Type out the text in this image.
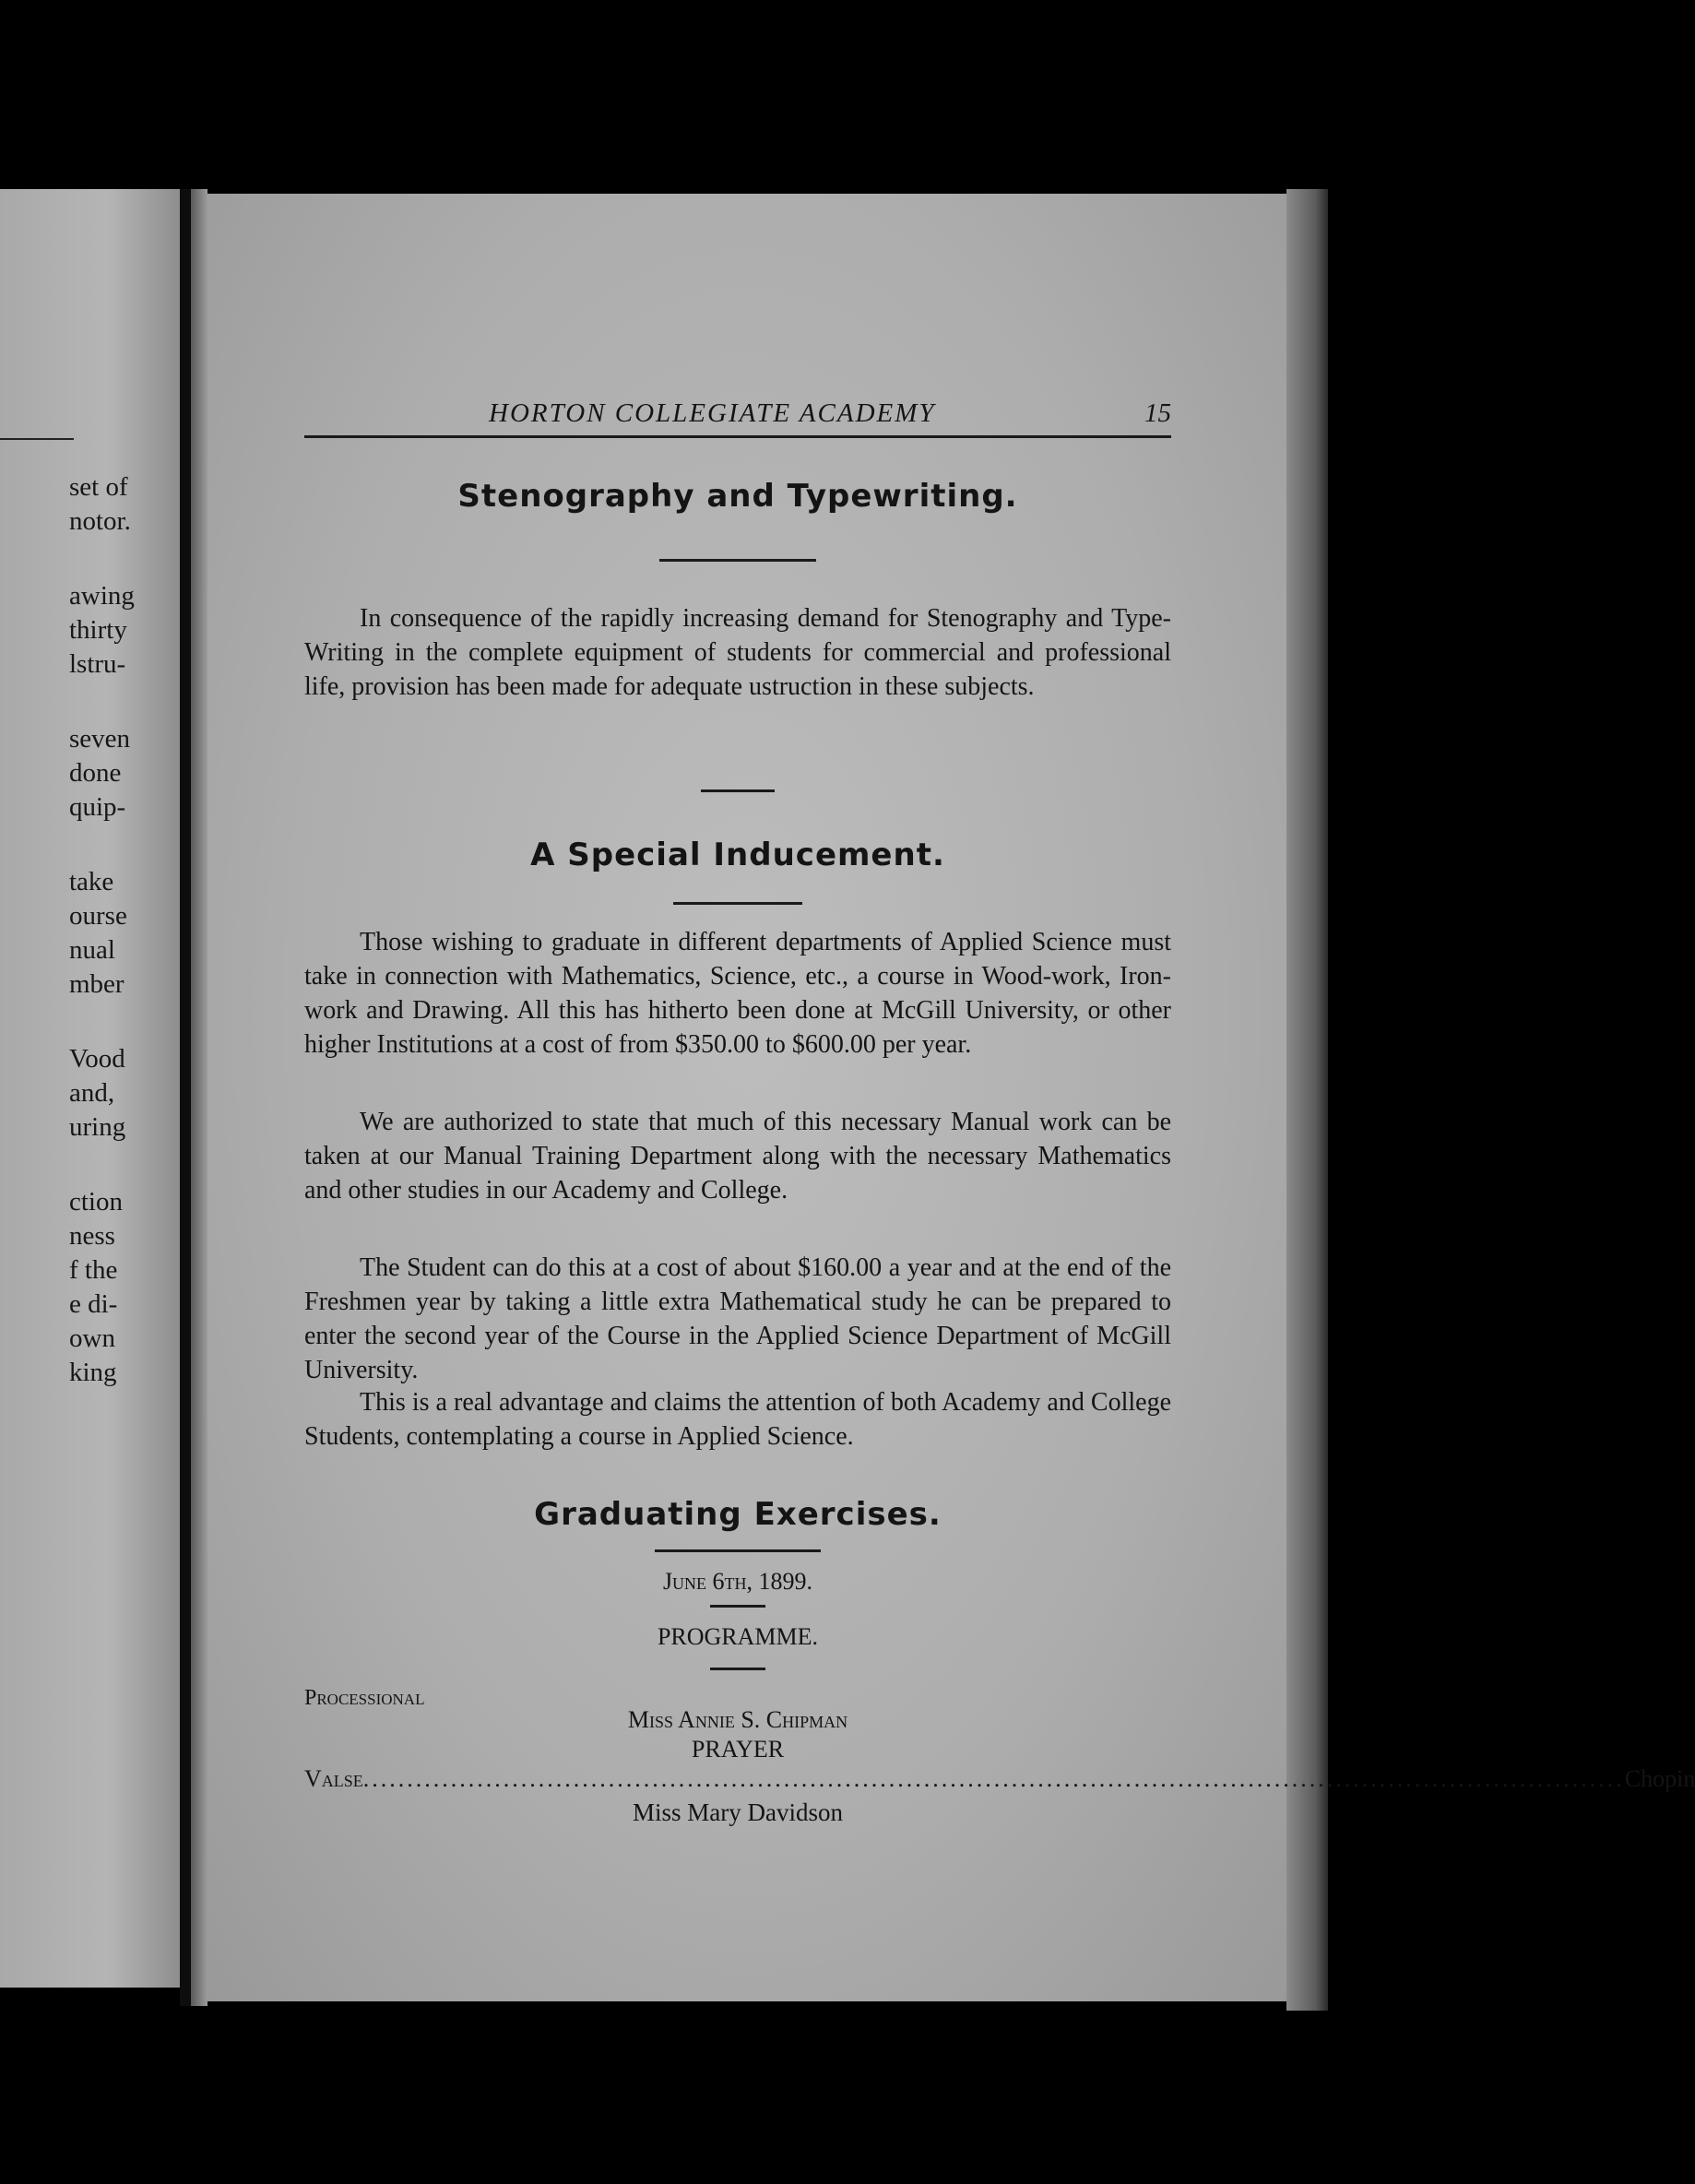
set of
notor.
awing
thirty
lstru-
seven
done
quip-
take
ourse
nual
mber
Vood
and,
uring
ction
ness
f the
e di-
own
king
HORTON COLLEGIATE ACADEMY	15
Stenography and Typewriting.
In consequence of the rapidly increasing demand for Stenography and Type-Writing in the complete equipment of students for commercial and professional life, provision has been made for adequate ustruction in these subjects.
A Special Inducement.
Those wishing to graduate in different departments of Applied Science must take in connection with Mathematics, Science, etc., a course in Wood-work, Iron-work and Drawing. All this has hitherto been done at McGill University, or other higher Institutions at a cost of from $350.00 to $600.00 per year.
We are authorized to state that much of this necessary Manual work can be taken at our Manual Training Department along with the necessary Mathematics and other studies in our Academy and College.
The Student can do this at a cost of about $160.00 a year and at the end of the Freshmen year by taking a little extra Mathematical study he can be prepared to enter the second year of the Course in the Applied Science Department of McGill University.
This is a real advantage and claims the attention of both Academy and College Students, contemplating a course in Applied Science.
Graduating Exercises.
June 6th, 1899.
PROGRAMME.
Processional
Miss Annie S. Chipman
PRAYER
Valse ................................................................................................................................................ Chopin
Miss Mary Davidson
